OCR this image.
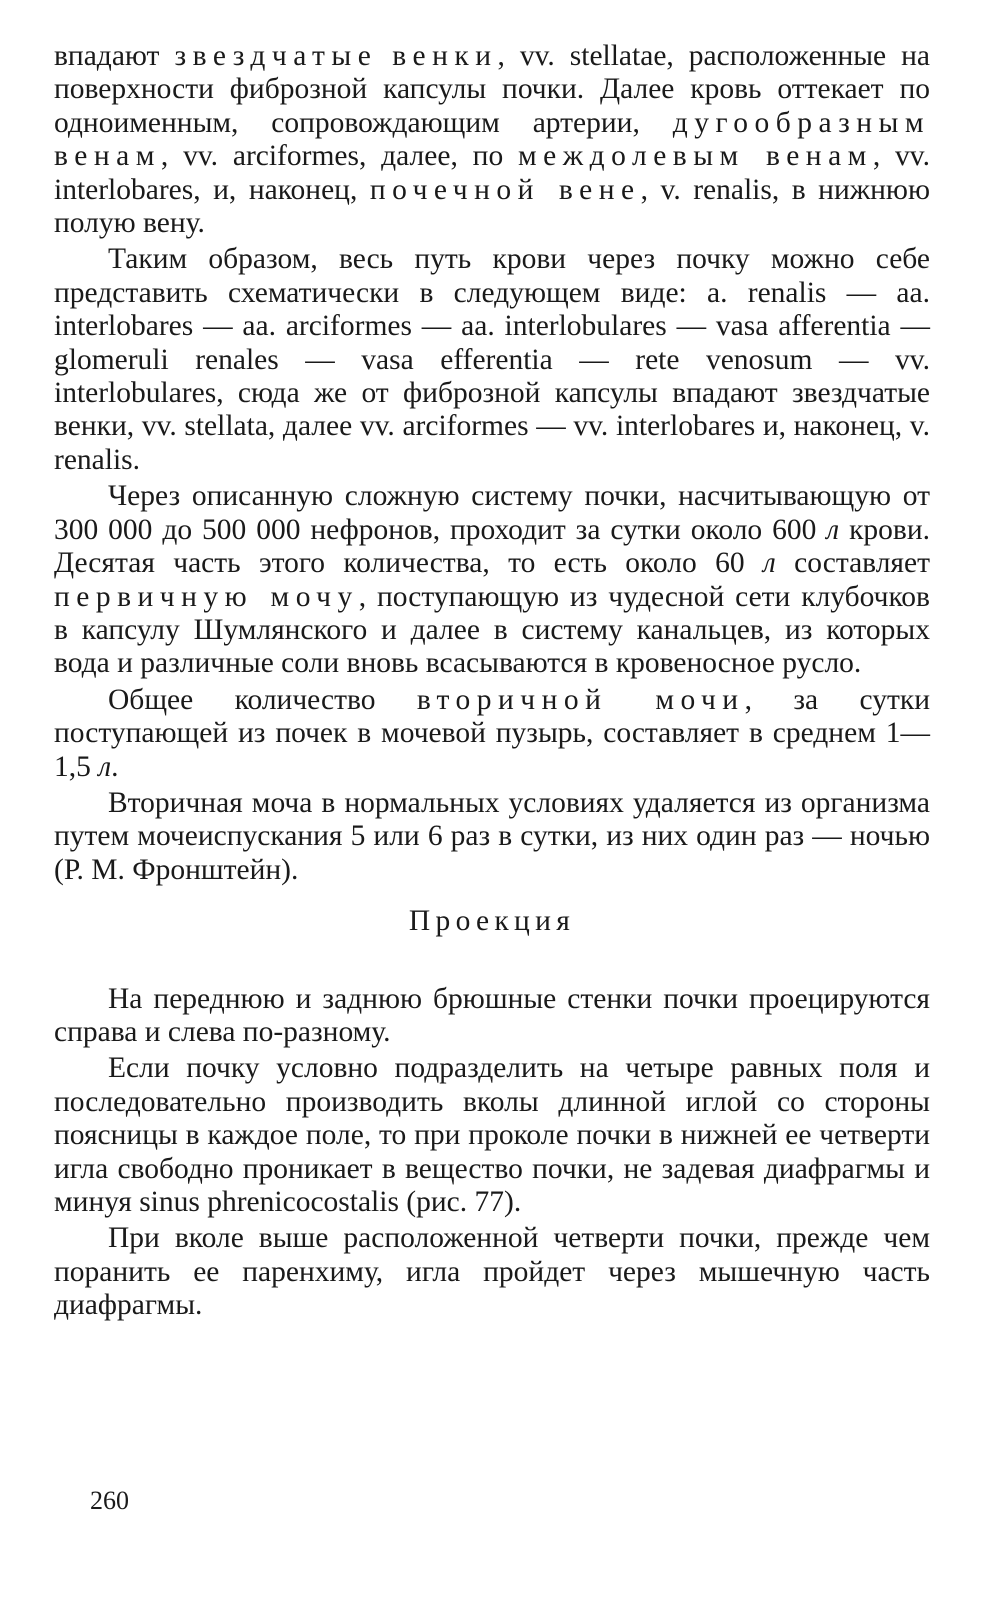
впадают звездчатые венки, vv. stellatae, расположенные на поверхности фиброзной капсулы почки. Далее кровь оттекает по одноименным, сопровождающим артерии, дугообразным венам, vv. arciformes, далее, по междолевым венам, vv. interlobares, и, наконец, почечной вене, v. renalis, в нижнюю полую вену.

Таким образом, весь путь крови через почку можно себе представить схематически в следующем виде: a. renalis — aa. interlobares — aa. arciformes — aa. interlobulares — vasa afferentia — glomeruli renales — vasa efferentia — rete venosum — vv. interlobulares, сюда же от фиброзной капсулы впадают звездчатые венки, vv. stellata, далее vv. arciformes — vv. interlobares и, наконец, v. renalis.

Через описанную сложную систему почки, насчитывающую от 300 000 до 500 000 нефронов, проходит за сутки около 600 л крови. Десятая часть этого количества, то есть около 60 л составляет первичную мочу, поступающую из чудесной сети клубочков в капсулу Шумлянского и далее в систему канальцев, из которых вода и различные соли вновь всасываются в кровеносное русло.

Общее количество вторичной мочи, за сутки поступающей из почек в мочевой пузырь, составляет в среднем 1—1,5 л.

Вторичная моча в нормальных условиях удаляется из организма путем мочеиспускания 5 или 6 раз в сутки, из них один раз — ночью (Р. М. Фронштейн).

Проекция

На переднюю и заднюю брюшные стенки почки проецируются справа и слева по-разному.

Если почку условно подразделить на четыре равных поля и последовательно производить вколы длинной иглой со стороны поясницы в каждое поле, то при проколе почки в нижней ее четверти игла свободно проникает в вещество почки, не задевая диафрагмы и минуя sinus phrenicocostalis (рис. 77).

При вколе выше расположенной четверти почки, прежде чем поранить ее паренхиму, игла пройдет через мышечную часть диафрагмы.

260
